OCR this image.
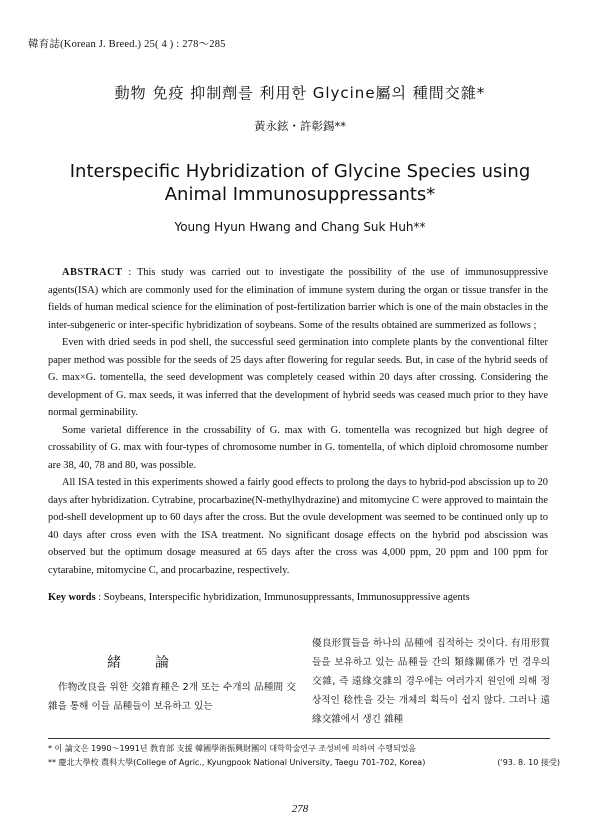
韓育誌(Korean J. Breed.) 25( 4 ) : 278～285
動物 免疫 抑制劑를 利用한 Glycine屬의 種間交雜*
黃永鉉・許彰錫**
Interspecific Hybridization of Glycine Species using
Animal Immunosuppressants*
Young Hyun Hwang and Chang Suk Huh**

ABSTRACT : This study was carried out to investigate the possibility of the use of immunosuppressive agents(ISA) which are commonly used for the elimination of immune system during the organ or tissue transfer in the fields of human medical science for the elimination of post-fertilization barrier which is one of the main obstacles in the inter-subgeneric or inter-specific hybridization of soybeans. Some of the results obtained are summerized as follows ;

Even with dried seeds in pod shell, the successful seed germination into complete plants by the conventional filter paper method was possible for the seeds of 25 days after flowering for regular seeds. But, in case of the hybrid seeds of G. max×G. tomentella, the seed development was completely ceased within 20 days after crossing. Considering the development of G. max seeds, it was inferred that the development of hybrid seeds was ceased much prior to they have normal germinability.

Some varietal difference in the crossability of G. max with G. tomentella was recognized but high degree of crossability of G. max with four-types of chromosome number in G. tomentella, of which diploid chromosome number are 38, 40, 78 and 80, was possible.

All ISA tested in this experiments showed a fairly good effects to prolong the days to hybrid-pod abscission up to 20 days after hybridization. Cytrabine, procarbazine(N-methylhydrazine) and mitomycine C were approved to maintain the pod-shell development up to 60 days after the cross. But the ovule development was seemed to be continued only up to 40 days after cross even with the ISA treatment. No significant dosage effects on the hybrid pod abscission was observed but the optimum dosage measured at 65 days after the cross was 4,000 ppm, 20 ppm and 100 ppm for cytarabine, mitomycine C, and procarbazine, respectively.

Key words : Soybeans, Interspecific hybridization, Immunosuppressants, Immunosuppressive agents
緒論

作物改良을 위한 交雜育種은 2개 또는 수개의 品種間 交雜을 통해 이들 品種들이 보유하고 있는

優良形質들을 하나의 品種에 집적하는 것이다. 有用形質들을 보유하고 있는 品種들 간의 類緣關係가 먼 경우의 交雜, 즉 遠緣交雜의 경우에는 여러가지 원인에 의해 정상적인 稔性을 갖는 개체의 획득이 쉽지 않다. 그러나 遠緣交雜에서 생긴 雜種

* 이 論文은 1990～1991년 敎育部 支援 韓國學術振興財團의 대학학술연구 조성비에 의하여 수행되었음
** 慶北大學校 農科大學(College of Agric., Kyungpook National University, Taegu 701-702, Korea)	('93. 8. 10 接受)
278
